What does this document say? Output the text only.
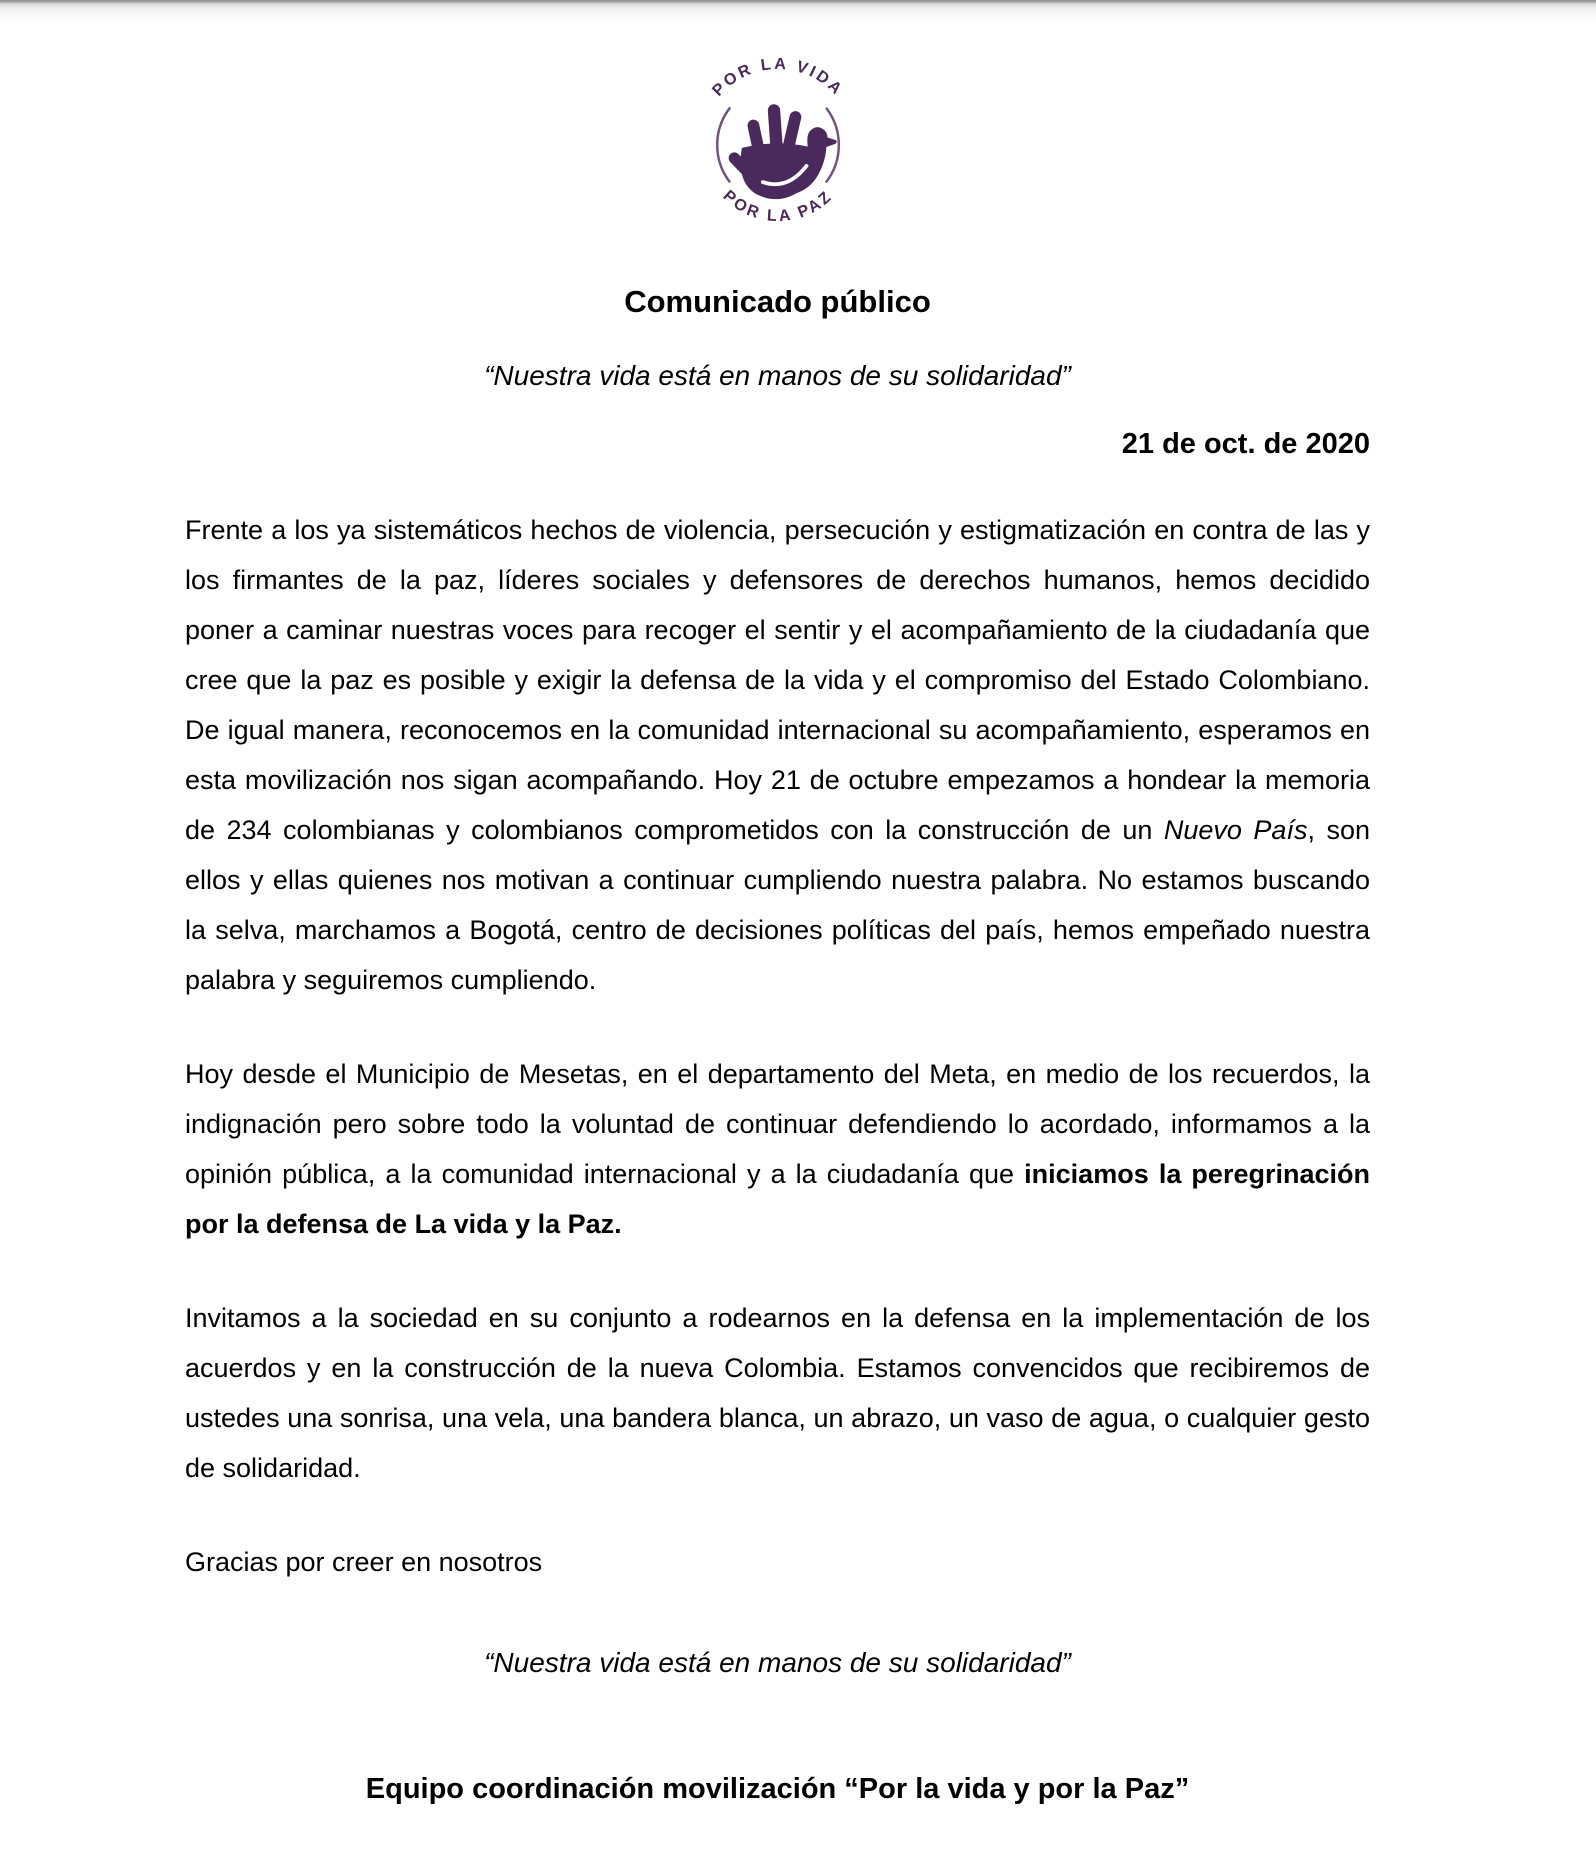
POR LA VIDA
POR LA PAZ
Comunicado público
“Nuestra vida está en manos de su solidaridad”
21 de oct. de 2020

Frente a los ya sistemáticos hechos de violencia, persecución y estigmatización en contra de las y los firmantes de la paz, líderes sociales y defensores de derechos humanos, hemos decidido poner a caminar nuestras voces para recoger el sentir y el acompañamiento de la ciudadanía que cree que la paz es posible y exigir la defensa de la vida y el compromiso del Estado Colombiano. De igual manera, reconocemos en la comunidad internacional su acompañamiento, esperamos en esta movilización nos sigan acompañando. Hoy 21 de octubre empezamos a hondear la memoria de 234 colombianas y colombianos comprometidos con la construcción de un Nuevo País, son ellos y ellas quienes nos motivan a continuar cumpliendo nuestra palabra. No estamos buscando la selva, marchamos a Bogotá, centro de decisiones políticas del país, hemos empeñado nuestra palabra y seguiremos cumpliendo.

Hoy desde el Municipio de Mesetas, en el departamento del Meta, en medio de los recuerdos, la indignación pero sobre todo la voluntad de continuar defendiendo lo acordado, informamos a la opinión pública, a la comunidad internacional y a la ciudadanía que iniciamos la peregrinación por la defensa de La vida y la Paz.

Invitamos a la sociedad en su conjunto a rodearnos en la defensa en la implementación de los acuerdos y en la construcción de la nueva Colombia. Estamos convencidos que recibiremos de ustedes una sonrisa, una vela, una bandera blanca, un abrazo, un vaso de agua, o cualquier gesto de solidaridad.

Gracias por creer en nosotros

“Nuestra vida está en manos de su solidaridad”
Equipo coordinación movilización “Por la vida y por la Paz”
